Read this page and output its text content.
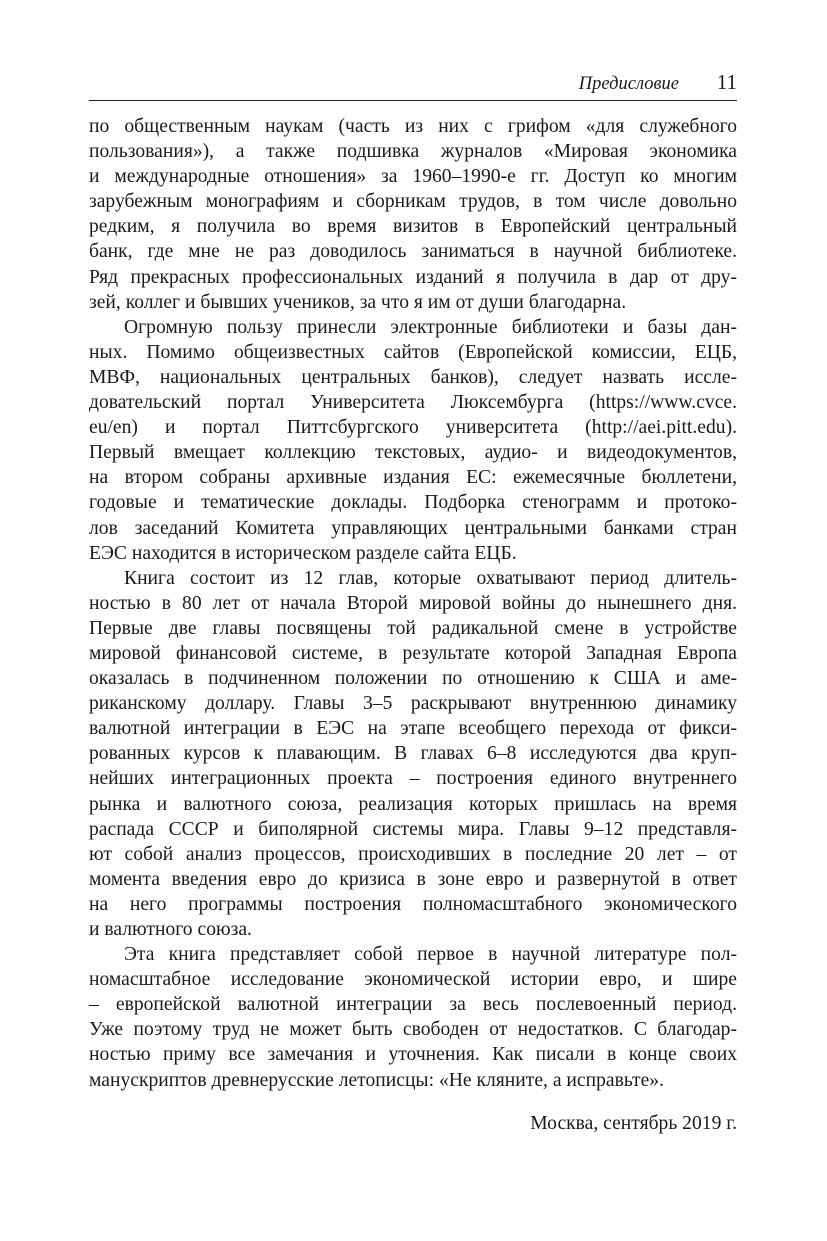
Предисловие 11
по общественным наукам (часть из них с грифом «для служебного
пользования»), а также подшивка журналов «Мировая экономика
и международные отношения» за 1960–1990-е гг. Доступ ко многим
зарубежным монографиям и сборникам трудов, в том числе довольно
редким, я получила во время визитов в Европейский центральный
банк, где мне не раз доводилось заниматься в научной библиотеке.
Ряд прекрасных профессиональных изданий я получила в дар от дру-
зей, коллег и бывших учеников, за что я им от души благодарна.
Огромную пользу принесли электронные библиотеки и базы дан-
ных. Помимо общеизвестных сайтов (Европейской комиссии, ЕЦБ,
МВФ, национальных центральных банков), следует назвать иссле-
довательский портал Университета Люксембурга (https://www.cvce.
eu/en) и портал Питтсбургского университета (http://aei.pitt.edu).
Первый вмещает коллекцию текстовых, аудио- и видеодокументов,
на втором собраны архивные издания ЕС: ежемесячные бюллетени,
годовые и тематические доклады. Подборка стенограмм и протоко-
лов заседаний Комитета управляющих центральными банками стран
ЕЭС находится в историческом разделе сайта ЕЦБ.
Книга состоит из 12 глав, которые охватывают период длитель-
ностью в 80 лет от начала Второй мировой войны до нынешнего дня.
Первые две главы посвящены той радикальной смене в устройстве
мировой финансовой системе, в результате которой Западная Европа
оказалась в подчиненном положении по отношению к США и аме-
риканскому доллару. Главы 3–5 раскрывают внутреннюю динамику
валютной интеграции в ЕЭС на этапе всеобщего перехода от фикси-
рованных курсов к плавающим. В главах 6–8 исследуются два круп-
нейших интеграционных проекта – построения единого внутреннего
рынка и валютного союза, реализация которых пришлась на время
распада СССР и биполярной системы мира. Главы 9–12 представля-
ют собой анализ процессов, происходивших в последние 20 лет – от
момента введения евро до кризиса в зоне евро и развернутой в ответ
на него программы построения полномасштабного экономического
и валютного союза.
Эта книга представляет собой первое в научной литературе пол-
номасштабное исследование экономической истории евро, и шире
– европейской валютной интеграции за весь послевоенный период.
Уже поэтому труд не может быть свободен от недостатков. С благодар-
ностью приму все замечания и уточнения. Как писали в конце своих
манускриптов древнерусские летописцы: «Не кляните, а исправьте».
Москва, сентябрь 2019 г.
